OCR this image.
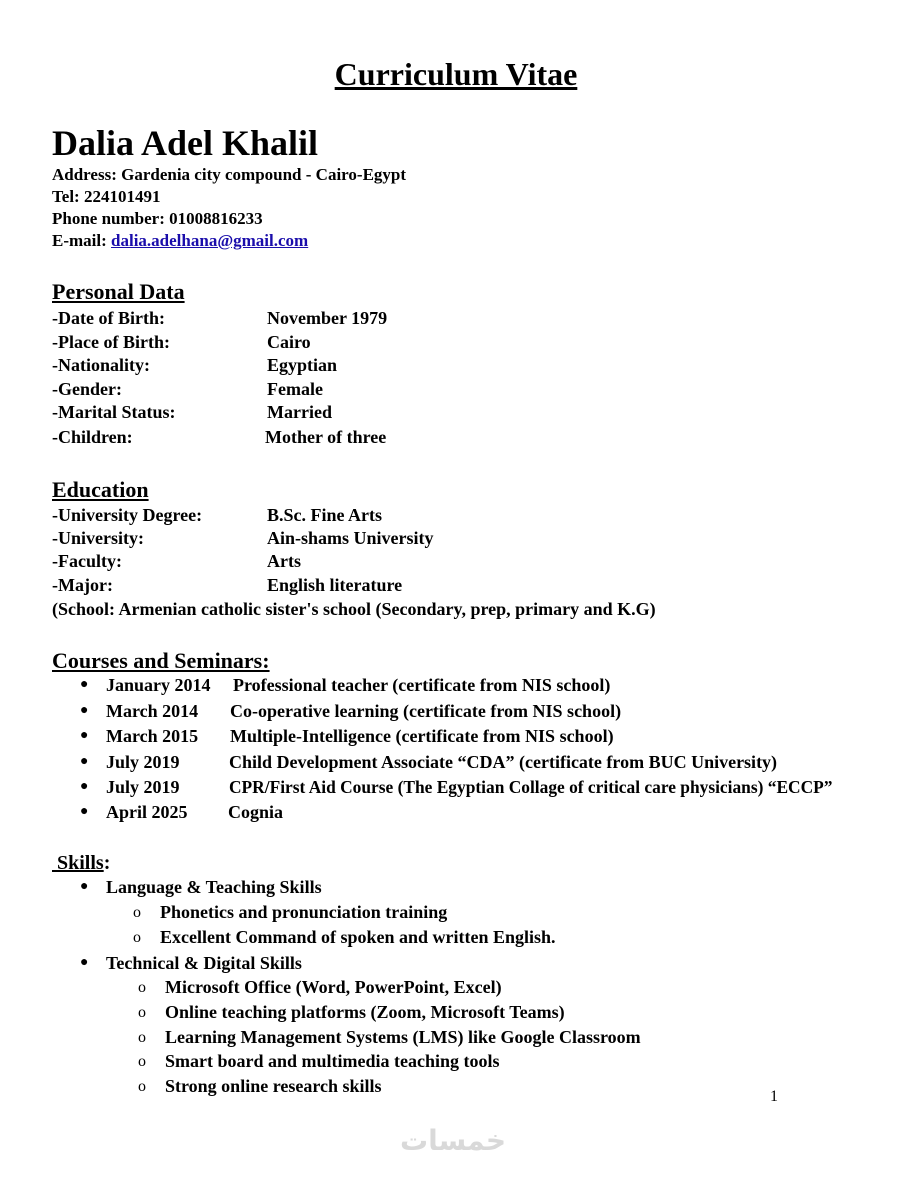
Curriculum Vitae
Dalia Adel Khalil
Address: Gardenia city compound - Cairo-Egypt
Tel: 224101491
Phone number: 01008816233
E-mail: dalia.adelhana@gmail.com
Personal Data
-Date of Birth:	November 1979
-Place of Birth:	Cairo
-Nationality:	Egyptian
-Gender:	Female
-Marital Status:	Married
-Children:	Mother of three
Education
-University Degree:	B.Sc. Fine Arts
-University:	Ain-shams University
-Faculty:	Arts
-Major:	English literature
(School: Armenian catholic sister's school (Secondary, prep, primary and K.G)
Courses and Seminars:
● January 2014 Professional teacher (certificate from NIS school)
● March 2014 Co-operative learning (certificate from NIS school)
● March 2015 Multiple-Intelligence (certificate from NIS school)
● July 2019	Child Development Associate “CDA” (certificate from BUC University)
● July 2019	CPR/First Aid Course (The Egyptian Collage of critical care physicians) “ECCP”
● April 2025 Cognia
Skills:
● Language & Teaching Skills
o Phonetics and pronunciation training
o Excellent Command of spoken and written English.
● Technical & Digital Skills
o Microsoft Office (Word, PowerPoint, Excel)
o Online teaching platforms (Zoom, Microsoft Teams)
o Learning Management Systems (LMS) like Google Classroom
o Smart board and multimedia teaching tools
o Strong online research skills
1
خمسات
